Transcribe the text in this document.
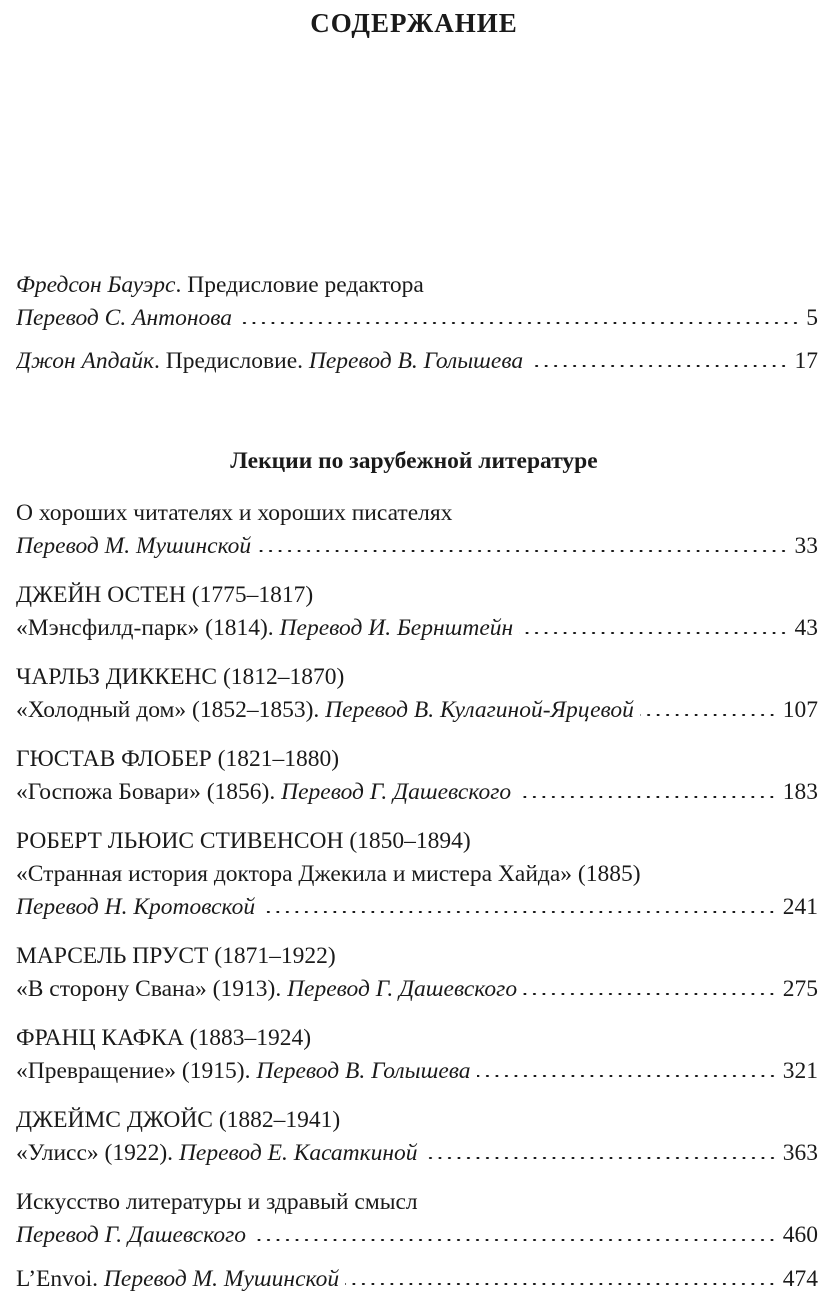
СОДЕРЖАНИЕ
Фредсон Бауэрс. Предисловие редактора
Перевод С. Антонова	5
Джон Апдайк. Предисловие. Перевод В. Голышева	17
Лекции по зарубежной литературе
О хороших читателях и хороших писателях
Перевод М. Мушинской	33
ДЖЕЙН ОСТЕН (1775–1817)
«Мэнсфилд-парк» (1814). Перевод И. Бернштейн	43
ЧАРЛЬЗ ДИККЕНС (1812–1870)
«Холодный дом» (1852–1853). Перевод В. Кулагиной-Ярцевой	107
ГЮСТАВ ФЛОБЕР (1821–1880)
«Госпожа Бовари» (1856). Перевод Г. Дашевского	183
РОБЕРТ ЛЬЮИС СТИВЕНСОН (1850–1894)
«Странная история доктора Джекила и мистера Хайда» (1885)
Перевод Н. Кротовской	241
МАРСЕЛЬ ПРУСТ (1871–1922)
«В сторону Свана» (1913). Перевод Г. Дашевского	275
ФРАНЦ КАФКА (1883–1924)
«Превращение» (1915). Перевод В. Голышева	321
ДЖЕЙМС ДЖОЙС (1882–1941)
«Улисс» (1922). Перевод Е. Касаткиной	363
Искусство литературы и здравый смысл
Перевод Г. Дашевского	460
L’Envoi. Перевод М. Мушинской	474
